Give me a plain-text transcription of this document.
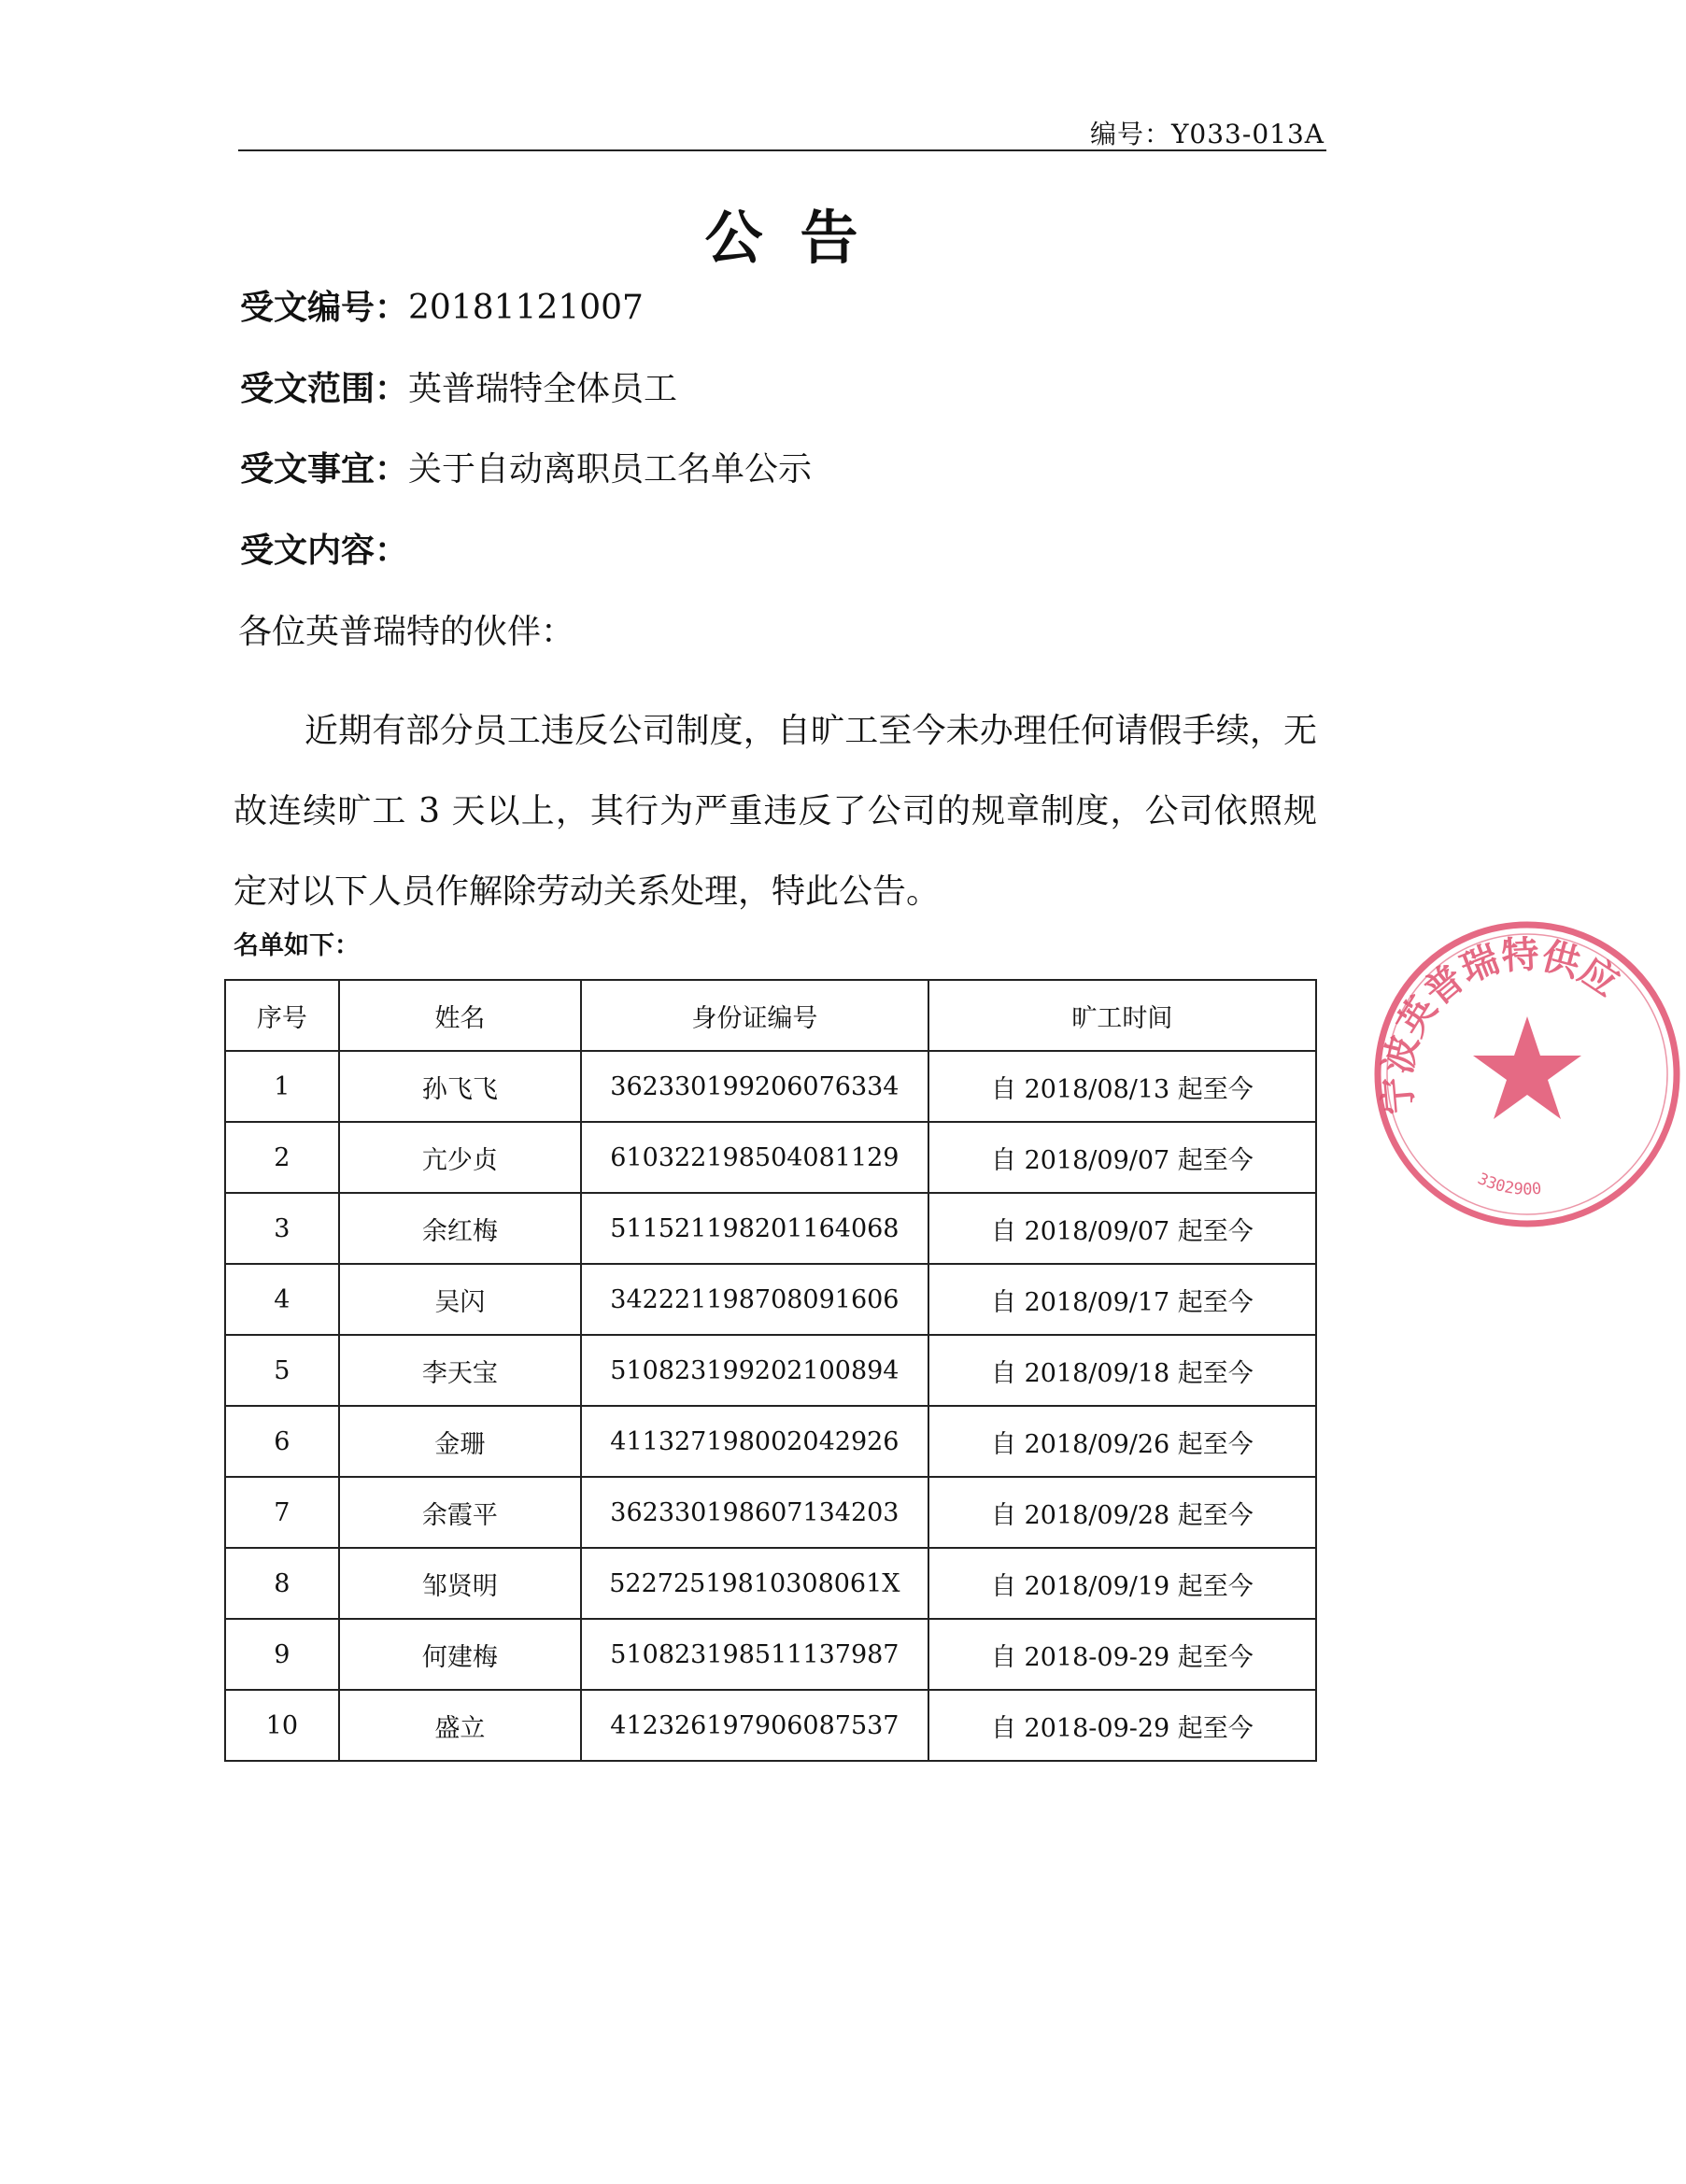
编号：Y033-013A
公告
受文编号：20181121007
受文范围：英普瑞特全体员工
受文事宜：关于自动离职员工名单公示
受文内容：
各位英普瑞特的伙伴：
近期有部分员工违反公司制度，自旷工至今未办理任何请假手续，无故连续旷工 3 天以上，其行为严重违反了公司的规章制度，公司依照规定对以下人员作解除劳动关系处理，特此公告。
名单如下：
序号	姓名	身份证编号	旷工时间
1	孙飞飞	362330199206076334	自 2018/08/13 起至今
2	亢少贞	610322198504081129	自 2018/09/07 起至今
3	余红梅	511521198201164068	自 2018/09/07 起至今
4	吴闪	342221198708091606	自 2018/09/17 起至今
5	李天宝	510823199202100894	自 2018/09/18 起至今
6	金珊	411327198002042926	自 2018/09/26 起至今
7	余霞平	362330198607134203	自 2018/09/28 起至今
8	邹贤明	52272519810308061X	自 2018/09/19 起至今
9	何建梅	510823198511137987	自 2018-09-29 起至今
10	盛立	412326197906087537	自 2018-09-29 起至今
宁波英普瑞特供应
3302900
